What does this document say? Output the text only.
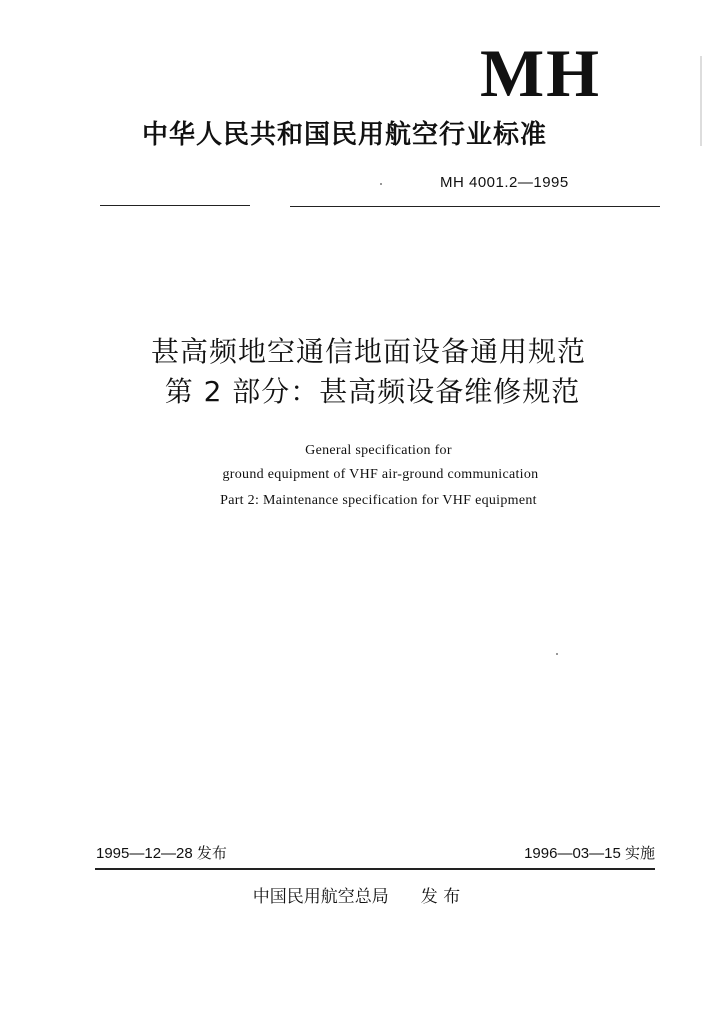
MH
中华人民共和国民用航空行业标准
MH 4001.2—1995
甚高频地空通信地面设备通用规范
第 2 部分：甚高频设备维修规范
General specification for
ground equipment of VHF air-ground communication
Part 2: Maintenance specification for VHF equipment
1995—12—28 发布	1996—03—15 实施
中国民用航空总局 发 布
